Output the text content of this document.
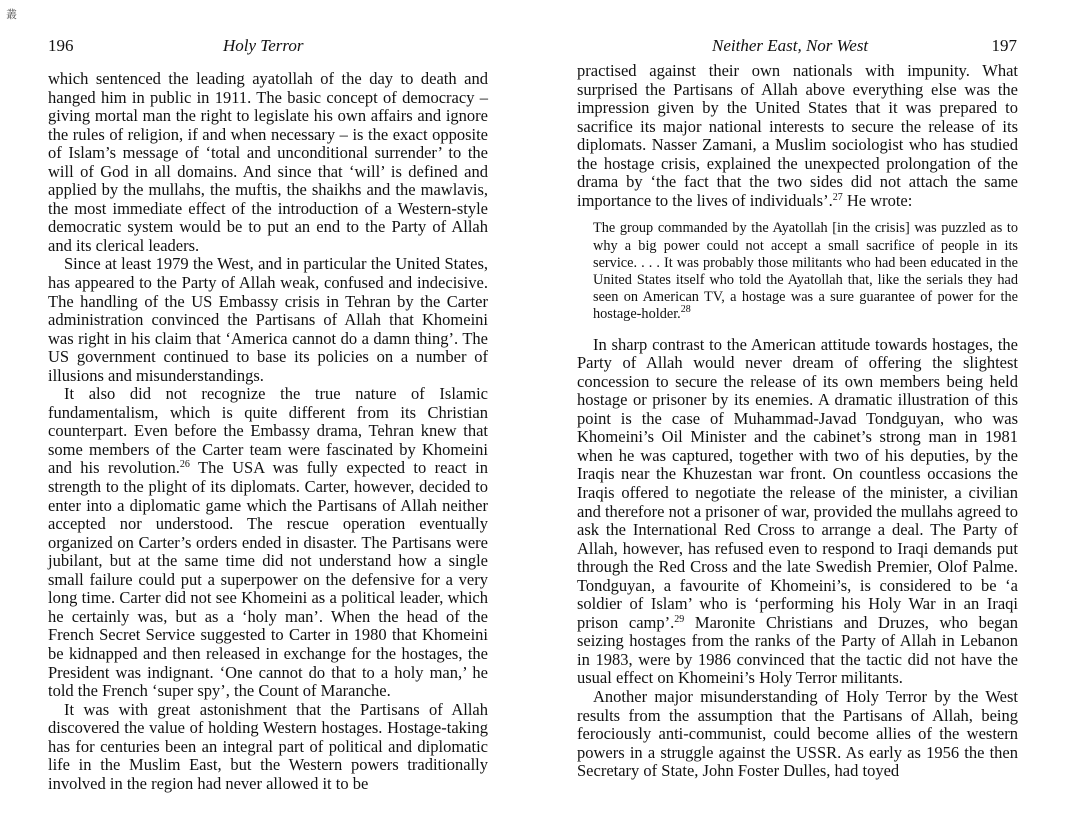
叢
196	Holy Terror

which sentenced the leading ayatollah of the day to death and hanged him in public in 1911. The basic concept of democracy – giving mortal man the right to legislate his own affairs and ignore the rules of religion, if and when necessary – is the exact opposite of Islam’s message of ‘total and unconditional surrender’ to the will of God in all domains. And since that ‘will’ is defined and applied by the mullahs, the muftis, the shaikhs and the mawlavis, the most immediate effect of the introduction of a Western-style democratic system would be to put an end to the Party of Allah and its clerical leaders.

Since at least 1979 the West, and in particular the United States, has appeared to the Party of Allah weak, confused and indecisive. The handling of the US Embassy crisis in Tehran by the Carter administration convinced the Partisans of Allah that Khomeini was right in his claim that ‘America cannot do a damn thing’. The US government continued to base its policies on a number of illusions and misunderstandings.

It also did not recognize the true nature of Islamic fundamentalism, which is quite different from its Christian counterpart. Even before the Embassy drama, Tehran knew that some members of the Carter team were fascinated by Khomeini and his revolution.$^{26}$ The USA was fully expected to react in strength to the plight of its diplomats. Carter, however, decided to enter into a diplomatic game which the Partisans of Allah neither accepted nor understood. The rescue operation eventually organized on Carter’s orders ended in disaster. The Partisans were jubilant, but at the same time did not understand how a single small failure could put a superpower on the defensive for a very long time. Carter did not see Khomeini as a political leader, which he certainly was, but as a ‘holy man’. When the head of the French Secret Service suggested to Carter in 1980 that Khomeini be kidnapped and then released in exchange for the hostages, the President was indignant. ‘One cannot do that to a holy man,’ he told the French ‘super spy’, the Count of Maranche.

It was with great astonishment that the Partisans of Allah discovered the value of holding Western hostages. Hostage-taking has for centuries been an integral part of political and diplomatic life in the Muslim East, but the Western powers traditionally involved in the region had never allowed it to be

Neither East, Nor West	197

practised against their own nationals with impunity. What surprised the Partisans of Allah above everything else was the impression given by the United States that it was prepared to sacrifice its major national interests to secure the release of its diplomats. Nasser Zamani, a Muslim sociologist who has studied the hostage crisis, explained the unexpected prolongation of the drama by ‘the fact that the two sides did not attach the same importance to the lives of individuals’.$^{27}$ He wrote:

The group commanded by the Ayatollah [in the crisis] was puzzled as to why a big power could not accept a small sacrifice of people in its service. . . . It was probably those militants who had been educated in the United States itself who told the Ayatollah that, like the serials they had seen on American TV, a hostage was a sure guarantee of power for the hostage-holder.$^{28}$

In sharp contrast to the American attitude towards hostages, the Party of Allah would never dream of offering the slightest concession to secure the release of its own members being held hostage or prisoner by its enemies. A dramatic illustration of this point is the case of Muhammad-Javad Tondguyan, who was Khomeini’s Oil Minister and the cabinet’s strong man in 1981 when he was captured, together with two of his deputies, by the Iraqis near the Khuzestan war front. On countless occasions the Iraqis offered to negotiate the release of the minister, a civilian and therefore not a prisoner of war, provided the mullahs agreed to ask the International Red Cross to arrange a deal. The Party of Allah, however, has refused even to respond to Iraqi demands put through the Red Cross and the late Swedish Premier, Olof Palme. Tondguyan, a favourite of Khomeini’s, is considered to be ‘a soldier of Islam’ who is ‘performing his Holy War in an Iraqi prison camp’.$^{29}$ Maronite Christians and Druzes, who began seizing hostages from the ranks of the Party of Allah in Lebanon in 1983, were by 1986 convinced that the tactic did not have the usual effect on Khomeini’s Holy Terror militants.

Another major misunderstanding of Holy Terror by the West results from the assumption that the Partisans of Allah, being ferociously anti-communist, could become allies of the western powers in a struggle against the USSR. As early as 1956 the then Secretary of State, John Foster Dulles, had toyed
